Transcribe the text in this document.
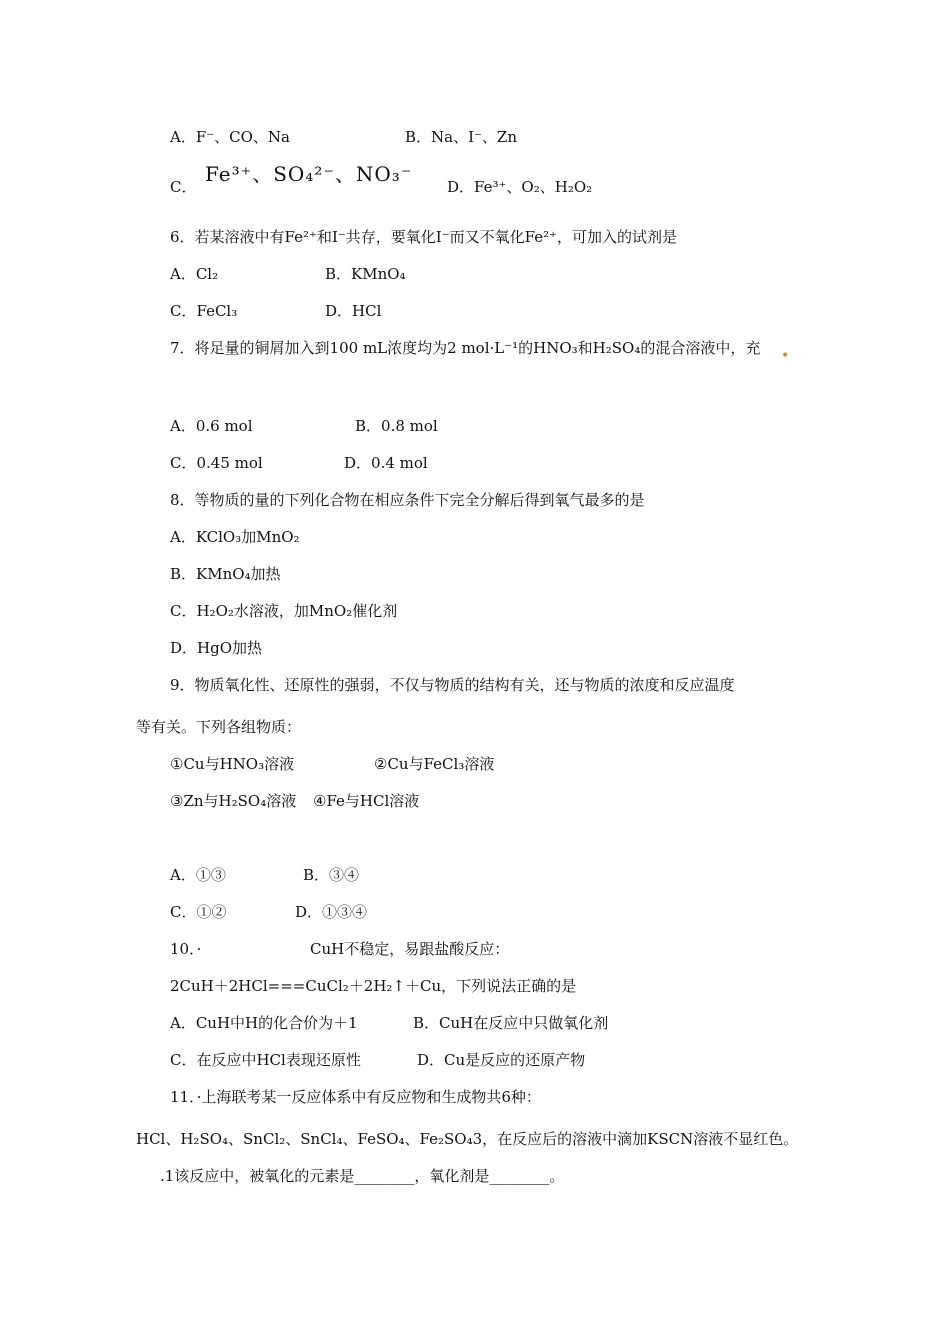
A．F⁻、CO、Na	B．Na、I⁻、Zn
C．
Fe³⁺、SO₄²⁻、NO₃⁻
D．Fe³⁺、O₂、H₂O₂
6．若某溶液中有Fe²⁺和I⁻共存，要氧化I⁻而又不氧化Fe²⁺，可加入的试剂是
A．Cl₂	B．KMnO₄
C．FeCl₃	D．HCl
7．将足量的铜屑加入到100 mL浓度均为2 mol·L⁻¹的HNO₃和H₂SO₄的混合溶液中，充 •
A．0.6 mol	B．0.8 mol
C．0.45 mol	D．0.4 mol
8．等物质的量的下列化合物在相应条件下完全分解后得到氧气最多的是
A．KClO₃加MnO₂
B．KMnO₄加热
C．H₂O₂水溶液，加MnO₂催化剂
D．HgO加热
9．物质氧化性、还原性的强弱，不仅与物质的结构有关，还与物质的浓度和反应温度
等有关。下列各组物质：
①Cu与HNO₃溶液	②Cu与FeCl₃溶液
③Zn与H₂SO₄溶液 ④Fe与HCl溶液
A．①③	B．③④
C．①②	D．①③④
10．·	CuH不稳定，易跟盐酸反应：
2CuH＋2HCl===CuCl₂＋2H₂↑＋Cu，下列说法正确的是
A．CuH中H的化合价为＋1	B．CuH在反应中只做氧化剂
C．在反应中HCl表现还原性	D．Cu是反应的还原产物
11．·上海联考某一反应体系中有反应物和生成物共6种：
HCl、H₂SO₄、SnCl₂、SnCl₄、FeSO₄、Fe₂SO₄3，在反应后的溶液中滴加KSCN溶液不显红色。
.1该反应中，被氧化的元素是________，氧化剂是________。
